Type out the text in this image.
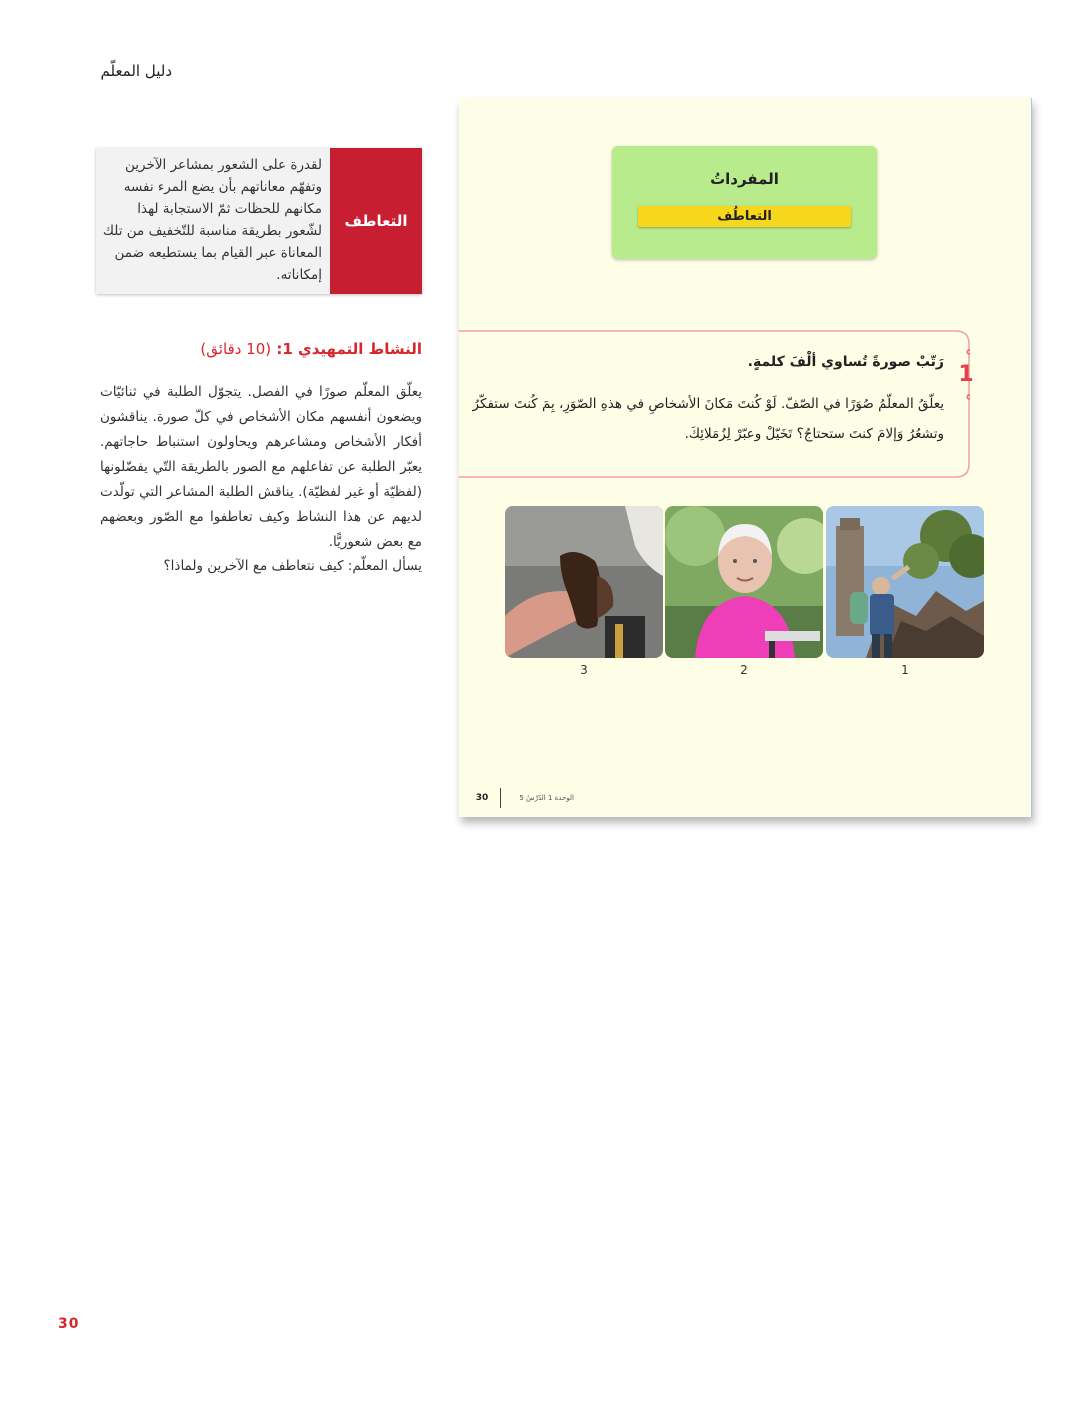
دليل المعلّم
التعاطف
لقدرة على الشعور بمشاعر الآخرين وتفهّم معاناتهم بأن يضع المرء نفسه مكانهم للحظات ثمّ الاستجابة لهذا لشّعور بطريقة مناسبة للتّخفيف من تلك المعاناة عبر القيام بما يستطيعه ضمن إمكاناته.
النشاط التمهيدي 1: (10 دقائق)
يعلّق المعلّم صورًا في الفصل. يتجوّل الطلبة في ثنائيّات ويضعون أنفسهم مكان الأشخاص في كلّ صورة. يناقشون أفكار الأشخاص ومشاعرهم ويحاولون استنباط حاجاتهم. يعبّر الطلبة عن تفاعلهم مع الصور بالطريقة التّي يفضّلونها (لفظيّة أو غير لفظيّة). يناقش الطلبة المشاعر التي تولّدت لديهم عن هذا النشاط وكيف تعاطفوا مع الصّور وبعضهم مع بعض شعوريًّا.
يسأل المعلّم: كيف نتعاطف مع الآخرين ولماذا؟
المفرداتُ
التعاطُف
1
رَتّبْ صورةً تُساوي ألْفَ كلمةٍ.
يعلّقُ المعلّمُ صُوَرًا في الصّفّ. لَوْ كُنتَ مَكانَ الأشخاصِ في هذهِ الصّوَرِ، بِمَ كُنتَ ستفكّرُ
وتشعُرُ وَإلامَ كنتَ ستحتاجُ؟ تَخَيّلْ وعبّرْ لِزُمَلائِكَ.
1
2
3
30	الوحدة 1 الدّرْسُ 5
30
